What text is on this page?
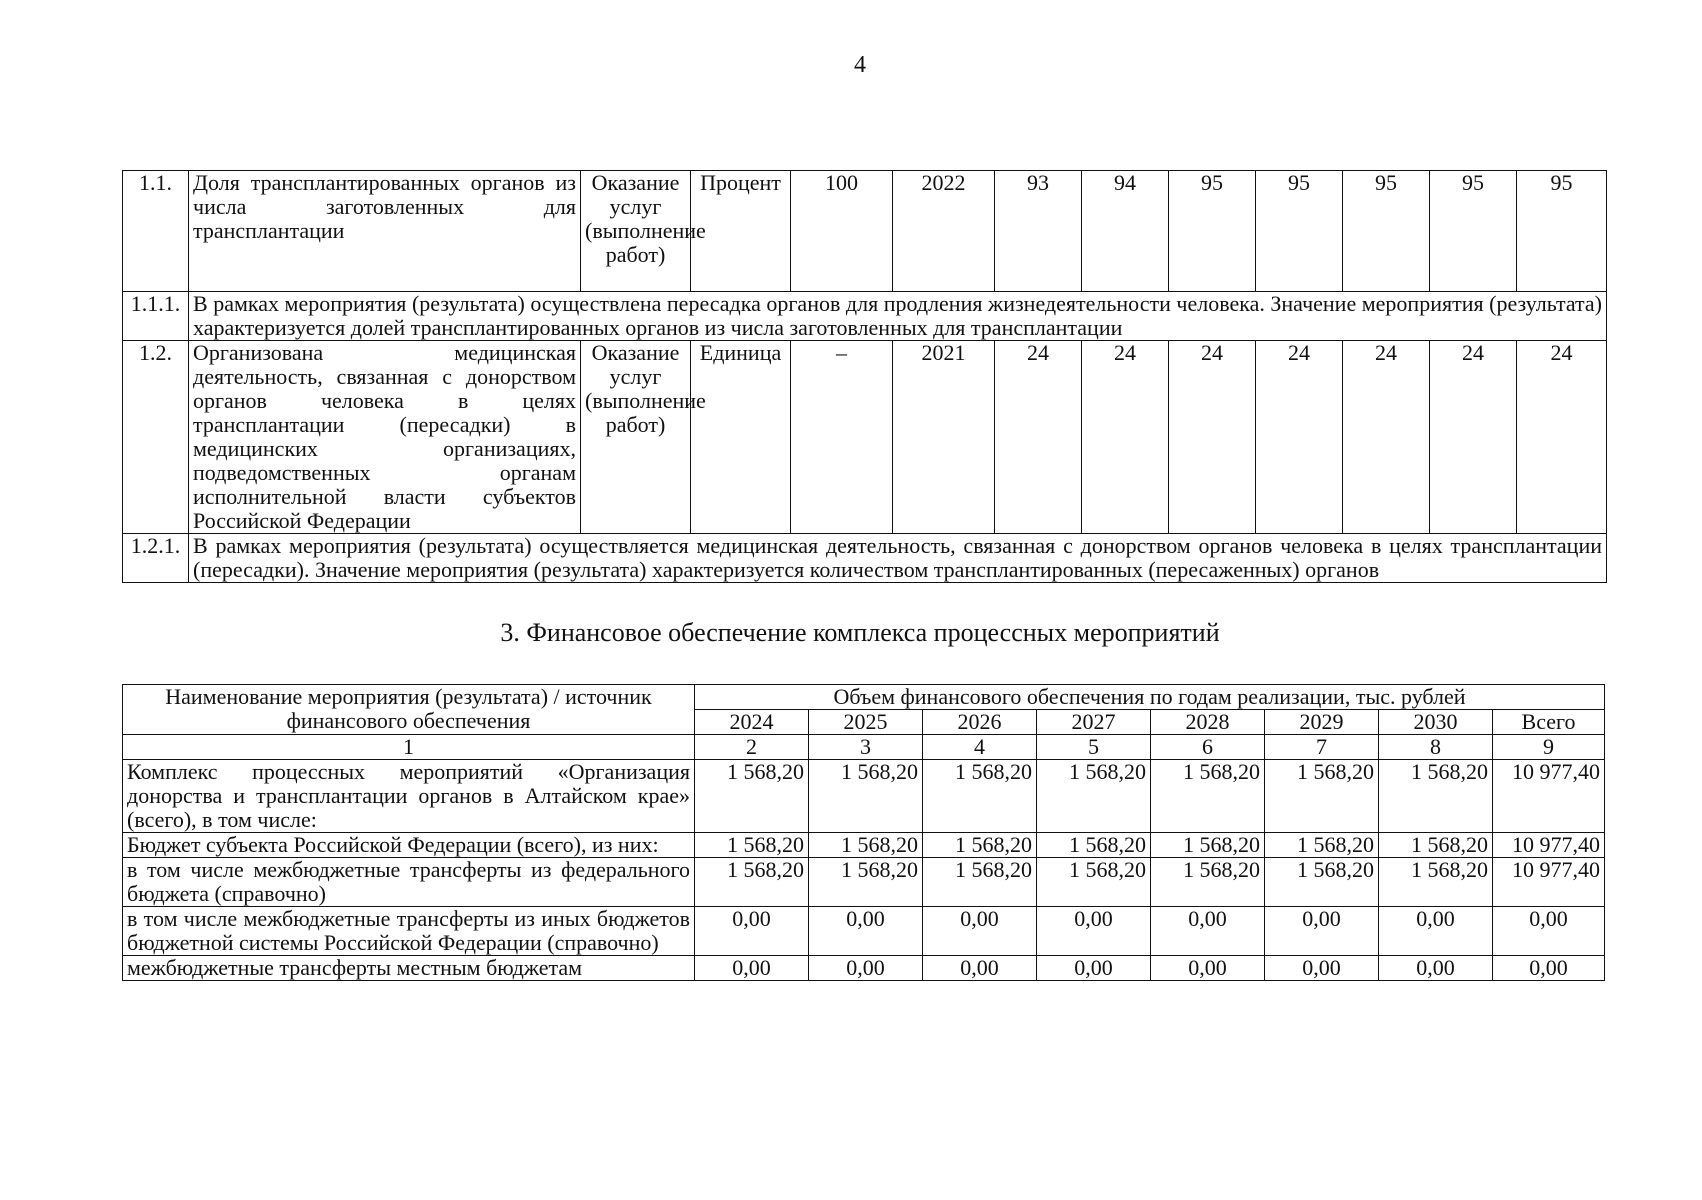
4
1.1.	Доля трансплантированных органов из числа заготовленных для трансплантации	Оказание услуг (выполнение работ)	Процент	100	2022	93	94	95	95	95	95	95
1.1.1.	В рамках мероприятия (результата) осуществлена пересадка органов для продления жизнедеятельности человека. Значение мероприятия (результата) характеризуется долей трансплантированных органов из числа заготовленных для трансплантации											
1.2.	Организована медицинская деятельность, связанная с донорством органов человека в целях трансплантации (пересадки) в медицинских организациях, подведомственных органам исполнительной власти субъектов Российской Федерации	Оказание услуг (выполнение работ)	Единица	–	2021	24	24	24	24	24	24	24
1.2.1.	В рамках мероприятия (результата) осуществляется медицинская деятельность, связанная с донорством органов человека в целях трансплантации (пересадки). Значение мероприятия (результата) характеризуется количеством трансплантированных (пересаженных) органов											
3. Финансовое обеспечение комплекса процессных мероприятий
Наименование мероприятия (результата) / источник финансового обеспечения	Объем финансового обеспечения по годам реализации, тыс. рублей							
	2024	2025	2026	2027	2028	2029	2030	Всего
1	2	3	4	5	6	7	8	9
Комплекс процессных мероприятий «Организация донорства и трансплантации органов в Алтайском крае» (всего), в том числе:	1 568,20	1 568,20	1 568,20	1 568,20	1 568,20	1 568,20	1 568,20	10 977,40
Бюджет субъекта Российской Федерации (всего), из них:	1 568,20	1 568,20	1 568,20	1 568,20	1 568,20	1 568,20	1 568,20	10 977,40
в том числе межбюджетные трансферты из федерального бюджета (справочно)	1 568,20	1 568,20	1 568,20	1 568,20	1 568,20	1 568,20	1 568,20	10 977,40
в том числе межбюджетные трансферты из иных бюджетов бюджетной системы Российской Федерации (справочно)	0,00	0,00	0,00	0,00	0,00	0,00	0,00	0,00
межбюджетные трансферты местным бюджетам	0,00	0,00	0,00	0,00	0,00	0,00	0,00	0,00
